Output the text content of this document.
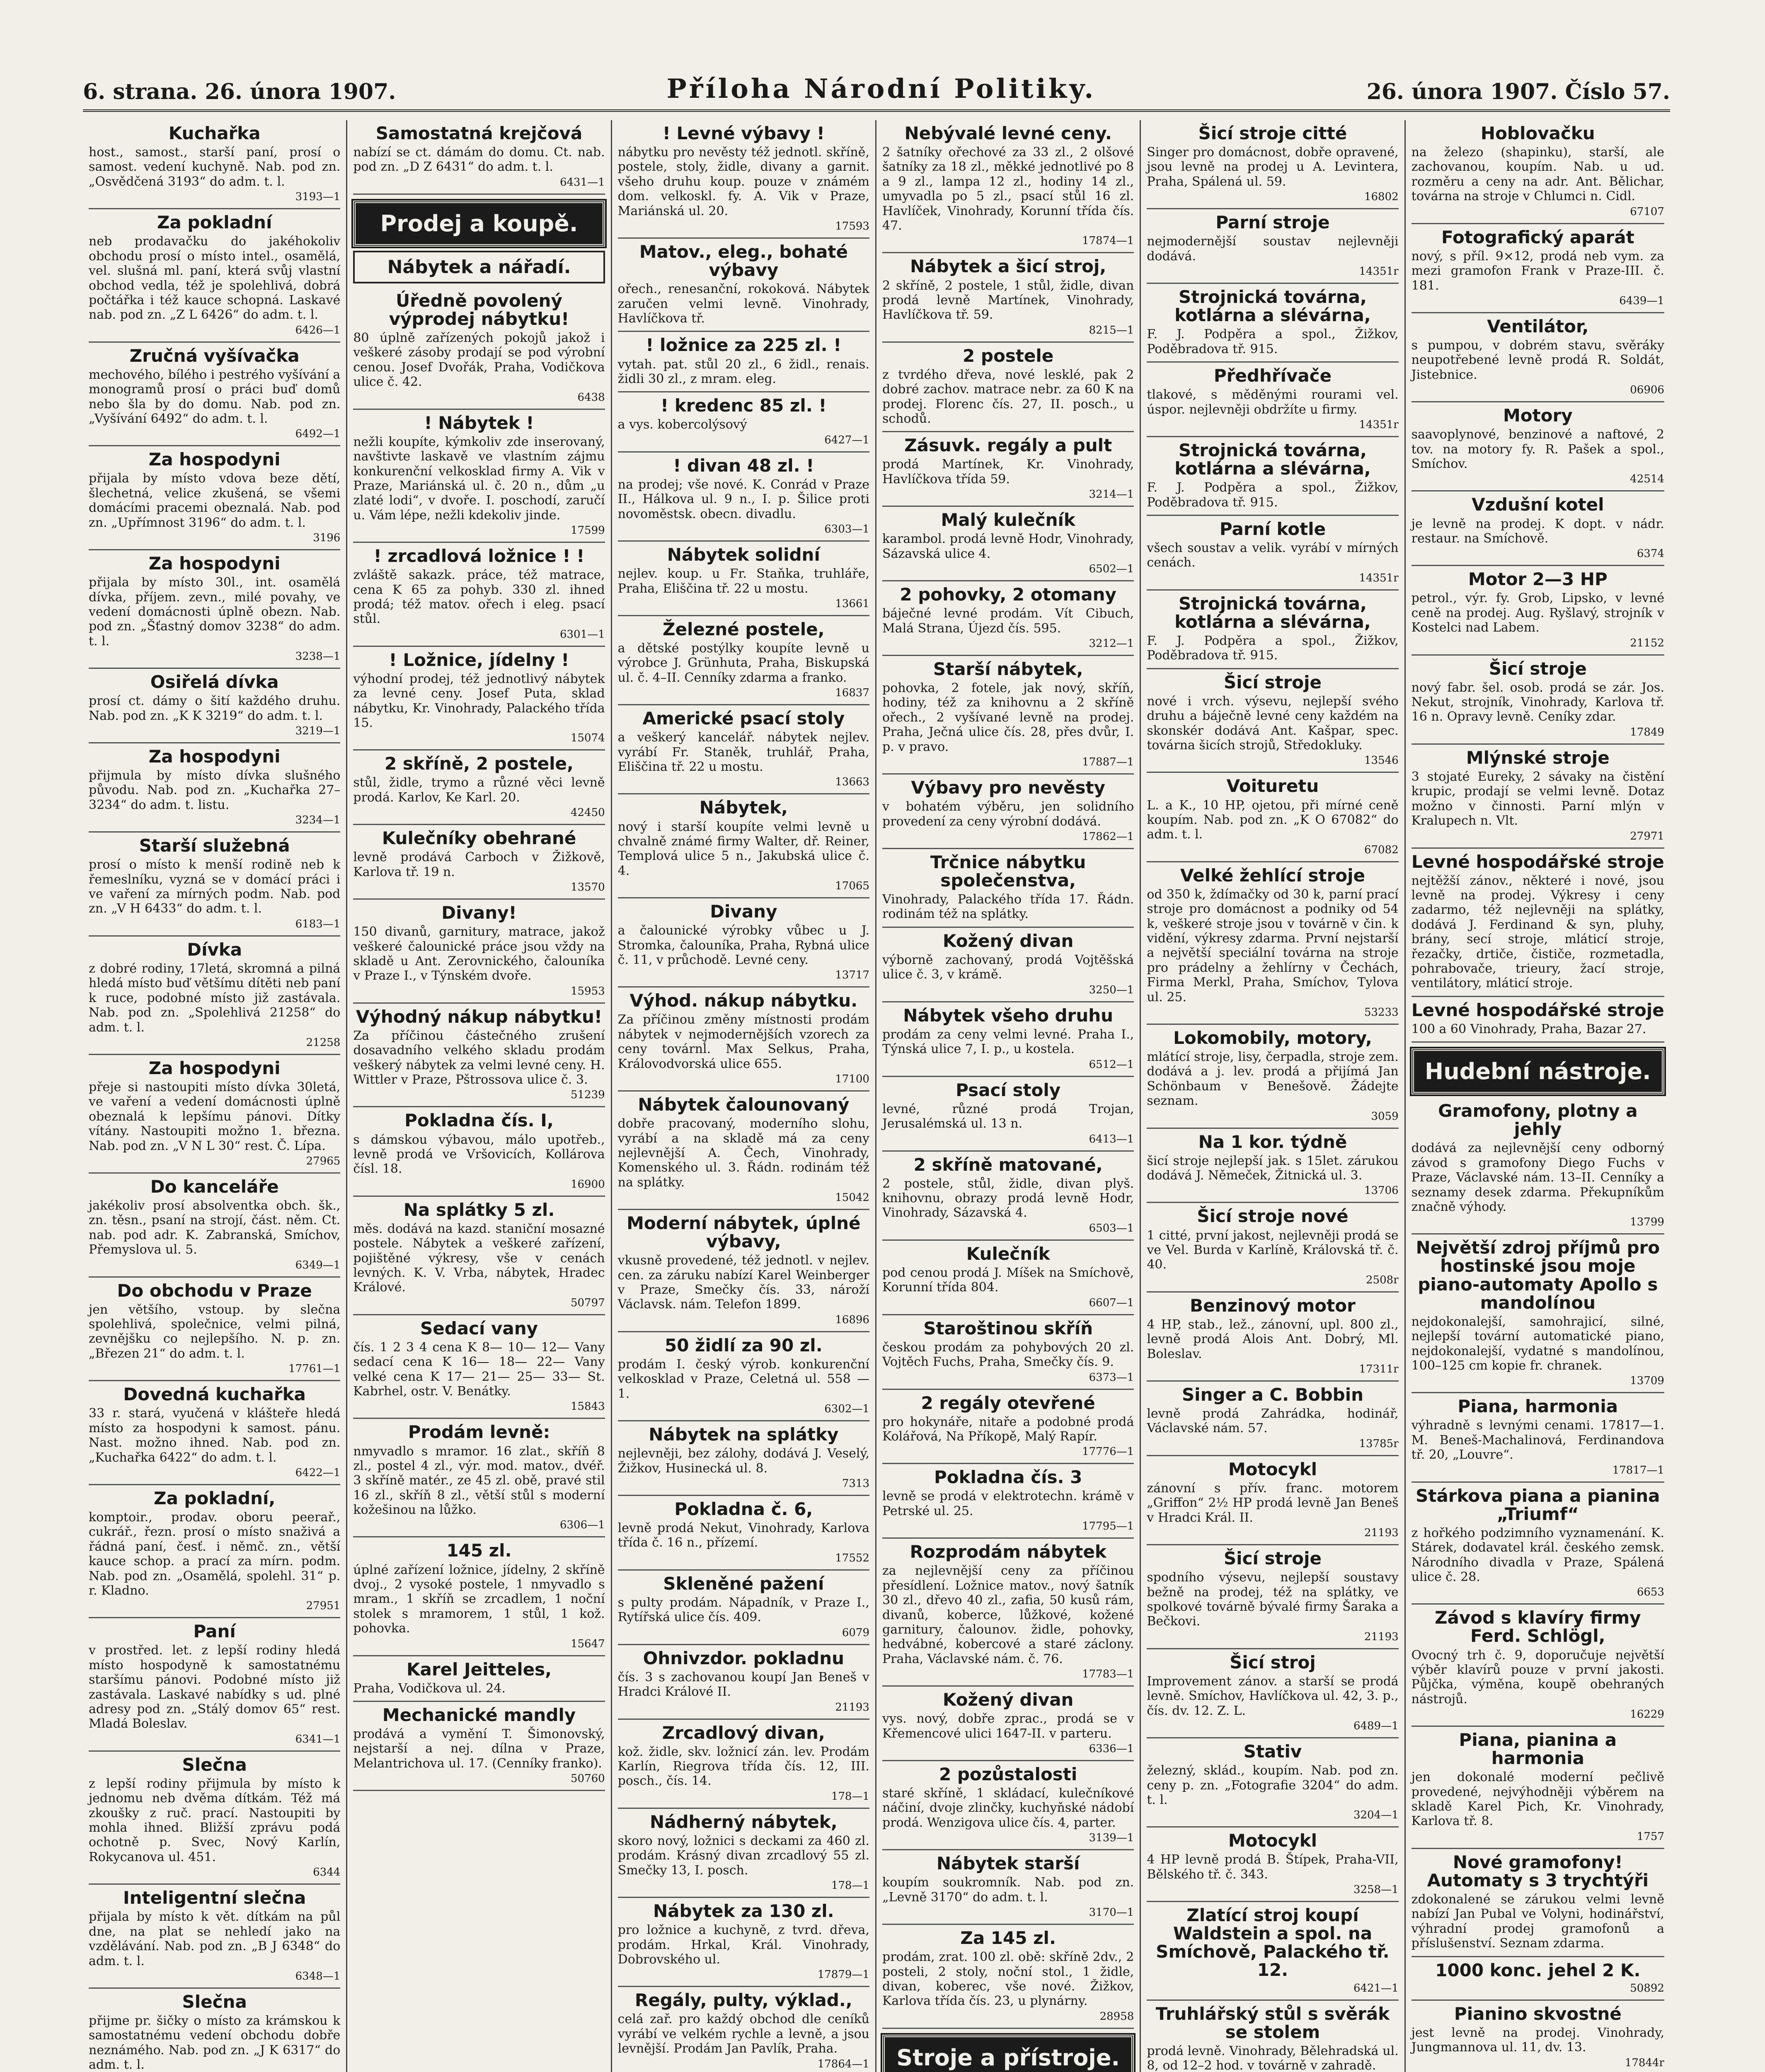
6. strana. 26. února 1907.	Příloha Národní Politiky.	26. února 1907. Číslo 57.
Kuchařka

host., samost., starší paní, prosí o samost. vedení kuchyně. Nab. pod zn. „Osvědčená 3193“ do adm. t. l.

3193—1
Za pokladní

neb prodavačku do jakéhokoliv obchodu prosí o místo intel., osamělá, vel. slušná ml. paní, která svůj vlastní obchod vedla, též je spolehlivá, dobrá počtářka i též kauce schopná. Laskavé nab. pod zn. „Z L 6426“ do adm. t. l.

6426—1
Zručná vyšívačka

mechového, bílého i pestrého vyšívání a monogramů prosí o práci buď domů nebo šla by do domu. Nab. pod zn. „Vyšívání 6492“ do adm. t. l.

6492—1
Za hospodyni

přijala by místo vdova beze dětí, šlechetná, velice zkušená, se všemi domácími pracemi obeznalá. Nab. pod zn. „Upřímnost 3196“ do adm. t. l.

3196
Za hospodyni

přijala by místo 30l., int. osamělá dívka, příjem. zevn., milé povahy, ve vedení domácnosti úplně obezn. Nab. pod zn. „Šťastný domov 3238“ do adm. t. l.

3238—1
Osiřelá dívka

prosí ct. dámy o šití každého druhu. Nab. pod zn. „K K 3219“ do adm. t. l.

3219—1
Za hospodyni

přijmula by místo dívka slušného původu. Nab. pod zn. „Kuchařka 27–3234“ do adm. t. listu.

3234—1
Starší služebná

prosí o místo k menší rodině neb k řemeslníku, vyzná se v domácí práci i ve vaření za mírných podm. Nab. pod zn. „V H 6433“ do adm. t. l.

6183—1
Dívka

z dobré rodiny, 17letá, skromná a pilná hledá místo buď většímu dítěti neb paní k ruce, podobné místo již zastávala. Nab. pod zn. „Spolehlivá 21258“ do adm. t. l.

21258
Za hospodyni

přeje si nastoupiti místo dívka 30letá, ve vaření a vedení domácnosti úplně obeznalá k lepšímu pánovi. Dítky vítány. Nastoupiti možno 1. března. Nab. pod zn. „V N L 30“ rest. Č. Lípa.

27965
Do kanceláře

jakékoliv prosí absolventka obch. šk., zn. těsn., psaní na strojí, část. něm. Ct. nab. pod adr. K. Zabranská, Smíchov, Přemyslova ul. 5.

6349—1
Do obchodu v Praze

jen většího, vstoup. by slečna spolehlivá, společnice, velmi pilná, zevnějšku co nejlepšího. N. p. zn. „Březen 21“ do adm. t. l.

17761—1
Dovedná kuchařka

33 r. stará, vyučená v klášteře hledá místo za hospodyni k samost. pánu. Nast. možno ihned. Nab. pod zn. „Kuchařka 6422“ do adm. t. l.

6422—1
Za pokladní,

komptoir., prodav. oboru peerař., cukrář., řezn. prosí o místo snaživá a řádná paní, česť. i němč. zn., větší kauce schop. a prací za mírn. podm. Nab. pod zn. „Osamělá, spolehl. 31“ p. r. Kladno.

27951
Paní

v prostřed. let. z lepší rodiny hledá místo hospodyně k samostatnému staršímu pánovi. Podobné místo již zastávala. Laskavé nabídky s ud. plné adresy pod zn. „Stálý domov 65“ rest. Mladá Boleslav.

6341—1
Slečna

z lepší rodiny přijmula by místo k jednomu neb dvěma dítkám. Též má zkoušky z ruč. prací. Nastoupiti by mohla ihned. Bližší zprávu podá ochotně p. Svec, Nový Karlín, Rokycanova ul. 451.

6344
Inteligentní slečna

přijala by místo k vět. dítkám na půl dne, na plat se nehledí jako na vzdělávání. Nab. pod zn. „B J 6348“ do adm. t. l.

6348—1
Slečna

přijme pr. šičky o místo za krámskou k samostatnému vedení obchodu dobře neznámého. Nab. pod zn. „J K 6317“ do adm. t. l.

Samostatná krejčová

nabízí se ct. dámám do domu. Ct. nab. pod zn. „D Z 6431“ do adm. t. l.

6431—1
Prodej a koupě.
Nábytek a nářadí.
Úředně povolený výprodej nábytku!

80 úplně zařízených pokojů jakož i veškeré zásoby prodají se pod výrobní cenou. Josef Dvořák, Praha, Vodičkova ulice č. 42.

6438
! Nábytek !

nežli koupíte, kýmkoliv zde inserovaný, navštivte laskavě ve vlastním zájmu konkurenční velkosklad firmy A. Vik v Praze, Mariánská ul. č. 20 n., dům „u zlaté lodi“, v dvoře. I. poschodí, zaručí u. Vám lépe, nežli kdekoliv jinde.

17599
! zrcadlová ložnice ! !

zvláště sakazk. práce, též matrace, cena K 65 za pohyb. 330 zl. ihned prodá; též matov. ořech i eleg. psací stůl.

6301—1
! Ložnice, jídelny !

výhodní prodej, též jednotlivý nábytek za levné ceny. Josef Puta, sklad nábytku, Kr. Vinohrady, Palackého třída 15.

15074
2 skříně, 2 postele,

stůl, židle, trymo a různé věci levně prodá. Karlov, Ke Karl. 20.

42450
Kulečníky obehrané

levně prodává Carboch v Žižkově, Karlova tř. 19 n.

13570
Divany!

150 divanů, garnitury, matrace, jakož veškeré čalounické práce jsou vždy na skladě u Ant. Zerovnického, čalouníka v Praze I., v Týnském dvoře.

15953
Výhodný nákup nábytku!

Za příčinou částečného zrušení dosavadního velkého skladu prodám veškerý nábytek za velmi levné ceny. H. Wittler v Praze, Pštrossova ulice č. 3.

51239
Pokladna čís. I,

s dámskou výbavou, málo upotřeb., levně prodá ve Vršovicích, Kollárova čísl. 18.

16900
Na splátky 5 zl.

měs. dodává na kazd. staniční mosazné postele. Nábytek a veškeré zařízení, pojištěné výkresy, vše v cenách levných. K. V. Vrba, nábytek, Hradec Králové.

50797
Sedací vany

čís. 1 2 3 4 cena K 8— 10— 12— Vany sedací cena K 16— 18— 22— Vany velké cena K 17— 21— 25— 33— St. Kabrhel, ostr. V. Benátky.

15843
Prodám levně:

nmyvadlo s mramor. 16 zlat., skříň 8 zl., postel 4 zl., výr. mod. matov., dvéř. 3 skříně matér., ze 45 zl. obě, pravé stil 16 zl., skříň 8 zl., větší stůl s moderní kožešinou na lůžko.

6306—1
145 zl.

úplné zařízení ložnice, jídelny, 2 skříně dvoj., 2 vysoké postele, 1 nmyvadlo s mram., 1 skříň se zrcadlem, 1 noční stolek s mramorem, 1 stůl, 1 kož. pohovka.

15647
Karel Jeitteles,

Praha, Vodičkova ul. 24.

Mechanické mandly

prodává a vymění T. Šimonovský, nejstarší a nej. dílna v Praze, Melantrichova ul. 17. (Cenníky franko).

50760
! Levné výbavy !

nábytku pro nevěsty též jednotl. skříně, postele, stoly, židle, divany a garnit. všeho druhu koup. pouze v známém dom. velkoskl. fy. A. Vik v Praze, Mariánská ul. 20.

17593
Matov., eleg., bohaté výbavy

ořech., renesanční, rokoková. Nábytek zaručen velmi levně. Vinohrady, Havlíčkova tř.

! ložnice za 225 zl. !

vytah. pat. stůl 20 zl., 6 židl., renais. židli 30 zl., z mram. eleg.

! kredenc 85 zl. !

a vys. kobercolýsový

6427—1
! divan 48 zl. !

na prodej; vše nové. K. Conrád v Praze II., Hálkova ul. 9 n., I. p. Šilice proti novoměstsk. obecn. divadlu.

6303—1
Nábytek solidní

nejlev. koup. u Fr. Staňka, truhláře, Praha, Eliščina tř. 22 u mostu.

13661
Železné postele,

a dětské postýlky koupíte levně u výrobce J. Grünhuta, Praha, Biskupská ul. č. 4–II. Cenníky zdarma a franko.

16837
Americké psací stoly

a veškerý kancelář. nábytek nejlev. vyrábí Fr. Staněk, truhlář, Praha, Eliščina tř. 22 u mostu.

13663
Nábytek,

nový i starší koupíte velmi levně u chvalně známé firmy Walter, dř. Reiner, Templová ulice 5 n., Jakubská ulice č. 4.

17065
Divany

a čalounické výrobky vůbec u J. Stromka, čalouníka, Praha, Rybná ulice č. 11, v průchodě. Levné ceny.

13717
Výhod. nákup nábytku.

Za příčinou změny místnosti prodám nábytek v nejmodernějších vzorech za ceny továrnĺ. Max Selkus, Praha, Královodvorská ulice 655.

17100
Nábytek čalounovaný

dobře pracovaný, moderního slohu, vyrábí a na skladě má za ceny nejlevnější A. Čech, Vinohrady, Komenského ul. 3. Řádn. rodinám též na splátky.

15042
Moderní nábytek, úplné výbavy,

vkusně provedené, též jednotl. v nejlev. cen. za záruku nabízí Karel Weinberger v Praze, Smečky čís. 33, nároží Václavsk. nám. Telefon 1899.

16896
50 židlí za 90 zl.

prodám I. český výrob. konkurenční velkosklad v Praze, Celetná ul. 558 — 1.

6302—1
Nábytek na splátky

nejlevněji, bez zálohy, dodává J. Veselý, Žižkov, Husinecká ul. 8.

7313
Pokladna č. 6,

levně prodá Nekut, Vinohrady, Karlova třída č. 16 n., přízemí.

17552
Skleněné pažení

s pulty prodám. Nápadník, v Praze I., Rytířská ulice čís. 409.

6079
Ohnivzdor. pokladnu

čís. 3 s zachovanou koupí Jan Beneš v Hradci Králové II.

21193
Zrcadlový divan,

kož. židle, skv. ložnicí zán. lev. Prodám Karlín, Riegrova třída čís. 12, III. posch., čís. 14.

178—1
Nádherný nábytek,

skoro nový, ložnici s deckami za 460 zl. prodám. Krásný divan zrcadlový 55 zl. Smečky 13, I. posch.

178—1
Nábytek za 130 zl.

pro ložnice a kuchyně, z tvrd. dřeva, prodám. Hrkal, Král. Vinohrady, Dobrovského ul.

17879—1
Regály, pulty, výklad.,

celá zař. pro každý obchod dle ceníků vyrábí ve velkém rychle a levně, a jsou levnější. Prodám Jan Pavlík, Praha.

17864—1

Nebývalé levné ceny.

2 šatníky ořechové za 33 zl., 2 olšové šatníky za 18 zl., měkké jednotlivé po 8 a 9 zl., lampa 12 zl., hodiny 14 zl., umyvadla po 5 zl., psací stůl 16 zl. Havlíček, Vinohrady, Korunní třída čís. 47.

17874—1
Nábytek a šicí stroj,

2 skříně, 2 postele, 1 stůl, židle, divan prodá levně Martínek, Vinohrady, Havlíčkova tř. 59.

8215—1
2 postele

z tvrdého dřeva, nové lesklé, pak 2 dobré zachov. matrace nebr. za 60 K na prodej. Florenc čís. 27, II. posch., u schodů.

Zásuvk. regály a pult

prodá Martínek, Kr. Vinohrady, Havlíčkova třída 59.

3214—1
Malý kulečník

karambol. prodá levně Hodr, Vinohrady, Sázavská ulice 4.

6502—1
2 pohovky, 2 otomany

báječné levné prodám. Vít Cibuch, Malá Strana, Újezd čís. 595.

3212—1
Starší nábytek,

pohovka, 2 fotele, jak nový, skříň, hodiny, též za knihovnu a 2 skříně ořech., 2 vyšívané levně na prodej. Praha, Ječná ulice čís. 28, přes dvůr, I. p. v pravo.

17887—1
Výbavy pro nevěsty

v bohatém výběru, jen solidního provedení za ceny výrobní dodává.

17862—1
Trčnice nábytku společenstva,

Vinohrady, Palackého třída 17. Řádn. rodinám též na splátky.

Kožený divan

výborně zachovaný, prodá Vojtěšská ulice č. 3, v krámě.

3250—1
Nábytek všeho druhu

prodám za ceny velmi levné. Praha I., Týnská ulice 7, I. p., u kostela.

6512—1
Psací stoly

levné, různé prodá Trojan, Jerusalémská ul. 13 n.

6413—1
2 skříně matované,

2 postele, stůl, židle, divan plyš. knihovnu, obrazy prodá levně Hodr, Vinohrady, Sázavská 4.

6503—1
Kulečník

pod cenou prodá J. Míšek na Smíchově, Korunní třída 804.

6607—1
Staroštinou skříň

českou prodám za pohybových 20 zl. Vojtěch Fuchs, Praha, Smečky čís. 9.

6373—1
2 regály otevřené

pro hokynáře, nitaře a podobné prodá Kolářová, Na Příkopě, Malý Rapír.

17776—1
Pokladna čís. 3

levně se prodá v elektrotechn. krámě v Petrské ul. 25.

17795—1
Rozprodám nábytek

za nejlevnější ceny za příčinou přesídlení. Ložnice matov., nový šatník 30 zl., dřevo 40 zl., zafia, 50 kusů rám, divanů, koberce, lůžkové, kožené garnitury, čalounov. židle, pohovky, hedvábné, kobercové a staré záclony. Praha, Václavské nám. č. 76.

17783—1
Kožený divan

vys. nový, dobře zprac., prodá se v Křemencové ulici 1647-II. v parteru.

6336—1
2 pozůstalosti

staré skříně, 1 skládací, kulečníkové náčiní, dvoje zlinčky, kuchyňské nádobí prodá. Wenzigova ulice čís. 4, parter.

3139—1
Nábytek starší

koupím soukromník. Nab. pod zn. „Levně 3170“ do adm. t. l.

3170—1
Za 145 zl.

prodám, zrat. 100 zl. obě: skříně 2dv., 2 posteli, 2 stoly, noční stol., 1 židle, divan, koberec, vše nové. Žižkov, Karlova třída čís. 23, u plynárny.

28958
Stroje a přístroje.

Šicí stroje citté

Singer pro domácnost, dobře opravené, jsou levně na prodej u A. Levintera, Praha, Spálená ul. 59.

16802
Parní stroje

nejmodernější soustav nejlevněji dodává.

14351r
Strojnická továrna, kotlárna a slévárna,

F. J. Podpěra a spol., Žižkov, Poděbradova tř. 915.

Předhřívače

tlakové, s měděnými rourami vel. úspor. nejlevněji obdržíte u firmy.

14351r
Strojnická továrna, kotlárna a slévárna,

F. J. Podpěra a spol., Žižkov, Poděbradova tř. 915.

Parní kotle

všech soustav a velik. vyrábí v mírných cenách.

14351r
Strojnická továrna, kotlárna a slévárna,

F. J. Podpěra a spol., Žižkov, Poděbradova tř. 915.

Šicí stroje

nové i vrch. výsevu, nejlepší svého druhu a báječně levné ceny každém na skonskér dodává Ant. Kašpar, spec. továrna šicích strojů, Středokluky.

13546
Voituretu

L. a K., 10 HP, ojetou, při mírné ceně koupím. Nab. pod zn. „K O 67082“ do adm. t. l.

67082
Velké žehlící stroje

od 350 k, ždímačky od 30 k, parní prací stroje pro domácnost a podniky od 54 k, veškeré stroje jsou v továrně v čin. k vidění, výkresy zdarma. První nejstarší a největší speciální továrna na stroje pro prádelny a žehlírny v Čechách, Firma Merkl, Praha, Smíchov, Tylova ul. 25.

53233
Lokomobily, motory,

mlátící stroje, lisy, čerpadla, stroje zem. dodává a j. lev. prodá a přijímá Jan Schönbaum v Benešově. Žádejte seznam.

3059
Na 1 kor. týdně

šicí stroje nejlepší jak. s 15let. zárukou dodává J. Němeček, Žitnická ul. 3.

13706
Šicí stroje nové

1 citté, první jakost, nejlevněji prodá se ve Vel. Burda v Karlíně, Královská tř. č. 40.

2508r
Benzinový motor

4 HP, stab., lež., zánovní, upl. 800 zl., levně prodá Alois Ant. Dobrý, Ml. Boleslav.

17311r
Singer a C. Bobbin

levně prodá Zahrádka, hodinář, Václavské nám. 57.

13785r
Motocykl

zánovní s přív. franc. motorem „Griffon“ 2½ HP prodá levně Jan Beneš v Hradci Král. II.

21193
Šicí stroje

spodního výsevu, nejlepší soustavy bežně na prodej, též na splátky, ve spolkové továrně bývalé firmy Šaraka a Bečkovi.

21193
Šicí stroj

Improvement zánov. a starší se prodá levně. Smíchov, Havlíčkova ul. 42, 3. p., čís. dv. 12. Z. L.

6489—1
Stativ

železný, sklád., koupím. Nab. pod zn. ceny p. zn. „Fotografie 3204“ do adm. t. l.

3204—1
Motocykl

4 HP levně prodá B. Štípek, Praha-VII, Bělského tř. č. 343.

3258—1
Zlatící stroj koupí Waldstein a spol. na Smíchově, Palackého tř. 12.
6421—1
Truhlářský stůl s svěrák se stolem

prodá levně. Vinohrady, Bělehradská ul. 8, od 12–2 hod. v továrně v zahradě.

Hoblovačku

na železo (shapinku), starší, ale zachovanou, koupím. Nab. u ud. rozměru a ceny na adr. Ant. Bělichar, továrna na stroje v Chlumci n. Cidl.

67107
Fotografický aparát

nový, s příl. 9×12, prodá neb vym. za mezi gramofon Frank v Praze-III. č. 181.

6439—1
Ventilátor,

s pumpou, v dobrém stavu, svěráky neupotřebené levně prodá R. Soldát, Jistebnice.

06906
Motory

saavoplynové, benzinové a naftové, 2 tov. na motory fy. R. Pašek a spol., Smíchov.

42514
Vzdušní kotel

je levně na prodej. K dopt. v nádr. restaur. na Smíchově.

6374
Motor 2—3 HP

petrol., výr. fy. Grob, Lipsko, v levné ceně na prodej. Aug. Ryšlavý, strojník v Kostelci nad Labem.

21152
Šicí stroje

nový fabr. šel. osob. prodá se zár. Jos. Nekut, strojník, Vinohrady, Karlova tř. 16 n. Opravy levně. Ceníky zdar.

17849
Mlýnské stroje

3 stojaté Eureky, 2 sávaky na čistění krupic, prodají se velmi levně. Dotaz možno v činnosti. Parní mlýn v Kralupech n. Vlt.

27971
Levné hospodářské stroje

nejtěžší zánov., některé i nové, jsou levně na prodej. Výkresy i ceny zadarmo, též nejlevněji na splátky, dodává J. Ferdinand & syn, pluhy, brány, secí stroje, mláticí stroje, řezačky, drtiče, čističe, rozmetadla, pohrabovače, trieury, žací stroje, ventilátory, mláticí stroje.

Levné hospodářské stroje

100 a 60 Vinohrady, Praha, Bazar 27.

Hudební nástroje.
Gramofony, plotny a jehly

dodává za nejlevnější ceny odborný závod s gramofony Diego Fuchs v Praze, Václavské nám. 13–II. Cenníky a seznamy desek zdarma. Překupníkům značně výhody.

13799
Největší zdroj příjmů pro hostinské jsou moje piano-automaty Apollo s mandolínou

nejdokonalejší, samohrajicí, silné, nejlepší tovární automatické piano, nejdokonalejší, vydatné s mandolínou, 100–125 cm kopie fr. chranek.

13709
Piana, harmonia

výhradně s levnými cenami. 17817—1. M. Beneš-Machalinová, Ferdinandova tř. 20, „Louvre“.

17817—1
Stárkova piana a pianina „Triumf“

z hořkého podzimního vyznamenání. K. Stárek, dodavatel král. českého zemsk. Národního divadla v Praze, Spálená ulice č. 28.

6653
Závod s klavíry firmy Ferd. Schlögl,

Ovocný trh č. 9, doporučuje největší výběr klavírů pouze v první jakosti. Půjčka, výměna, koupě obehraných nástrojů.

16229
Piana, pianina a harmonia

jen dokonalé moderní pečlivě provedené, nejvýhodněji výběrem na skladě Karel Pich, Kr. Vinohrady, Karlova tř. 8.

1757
Nové gramofony! Automaty s 3 trychtýři

zdokonalené se zárukou velmi levně nabízí Jan Pubal ve Volyni, hodinářství, výhradní prodej gramofonů a příslušenství. Seznam zdarma.

1000 konc. jehel 2 K.
50892
Pianino skvostné

jest levně na prodej. Vinohrady, Jungmannova ul. 11, dv. 13.

17844r
